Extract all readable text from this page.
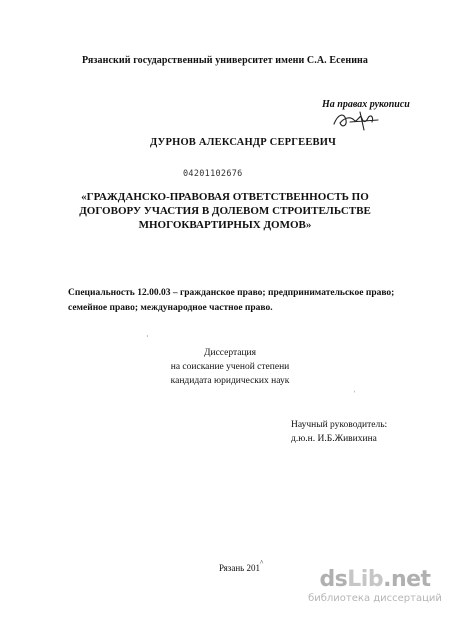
Рязанский государственный университет имени С.А. Есенина
На правах рукописи
ДУРНОВ АЛЕКСАНДР СЕРГЕЕВИЧ
04201102676
«ГРАЖДАНСКО-ПРАВОВАЯ ОТВЕТСТВЕННОСТЬ ПО ДОГОВОРУ УЧАСТИЯ В ДОЛЕВОМ СТРОИТЕЛЬСТВЕ МНОГОКВАРТИРНЫХ ДОМОВ»
Специальность 12.00.03 – гражданское право; предпринимательское право; семейное право; международное частное право.
·
Диссертация
на соискание ученой степени
кандидата юридических наук
ʾ
Научный руководитель:
д.ю.н. И.Б.Живихина
Рязань 201^
dsLib.net
библиотека диссертаций
